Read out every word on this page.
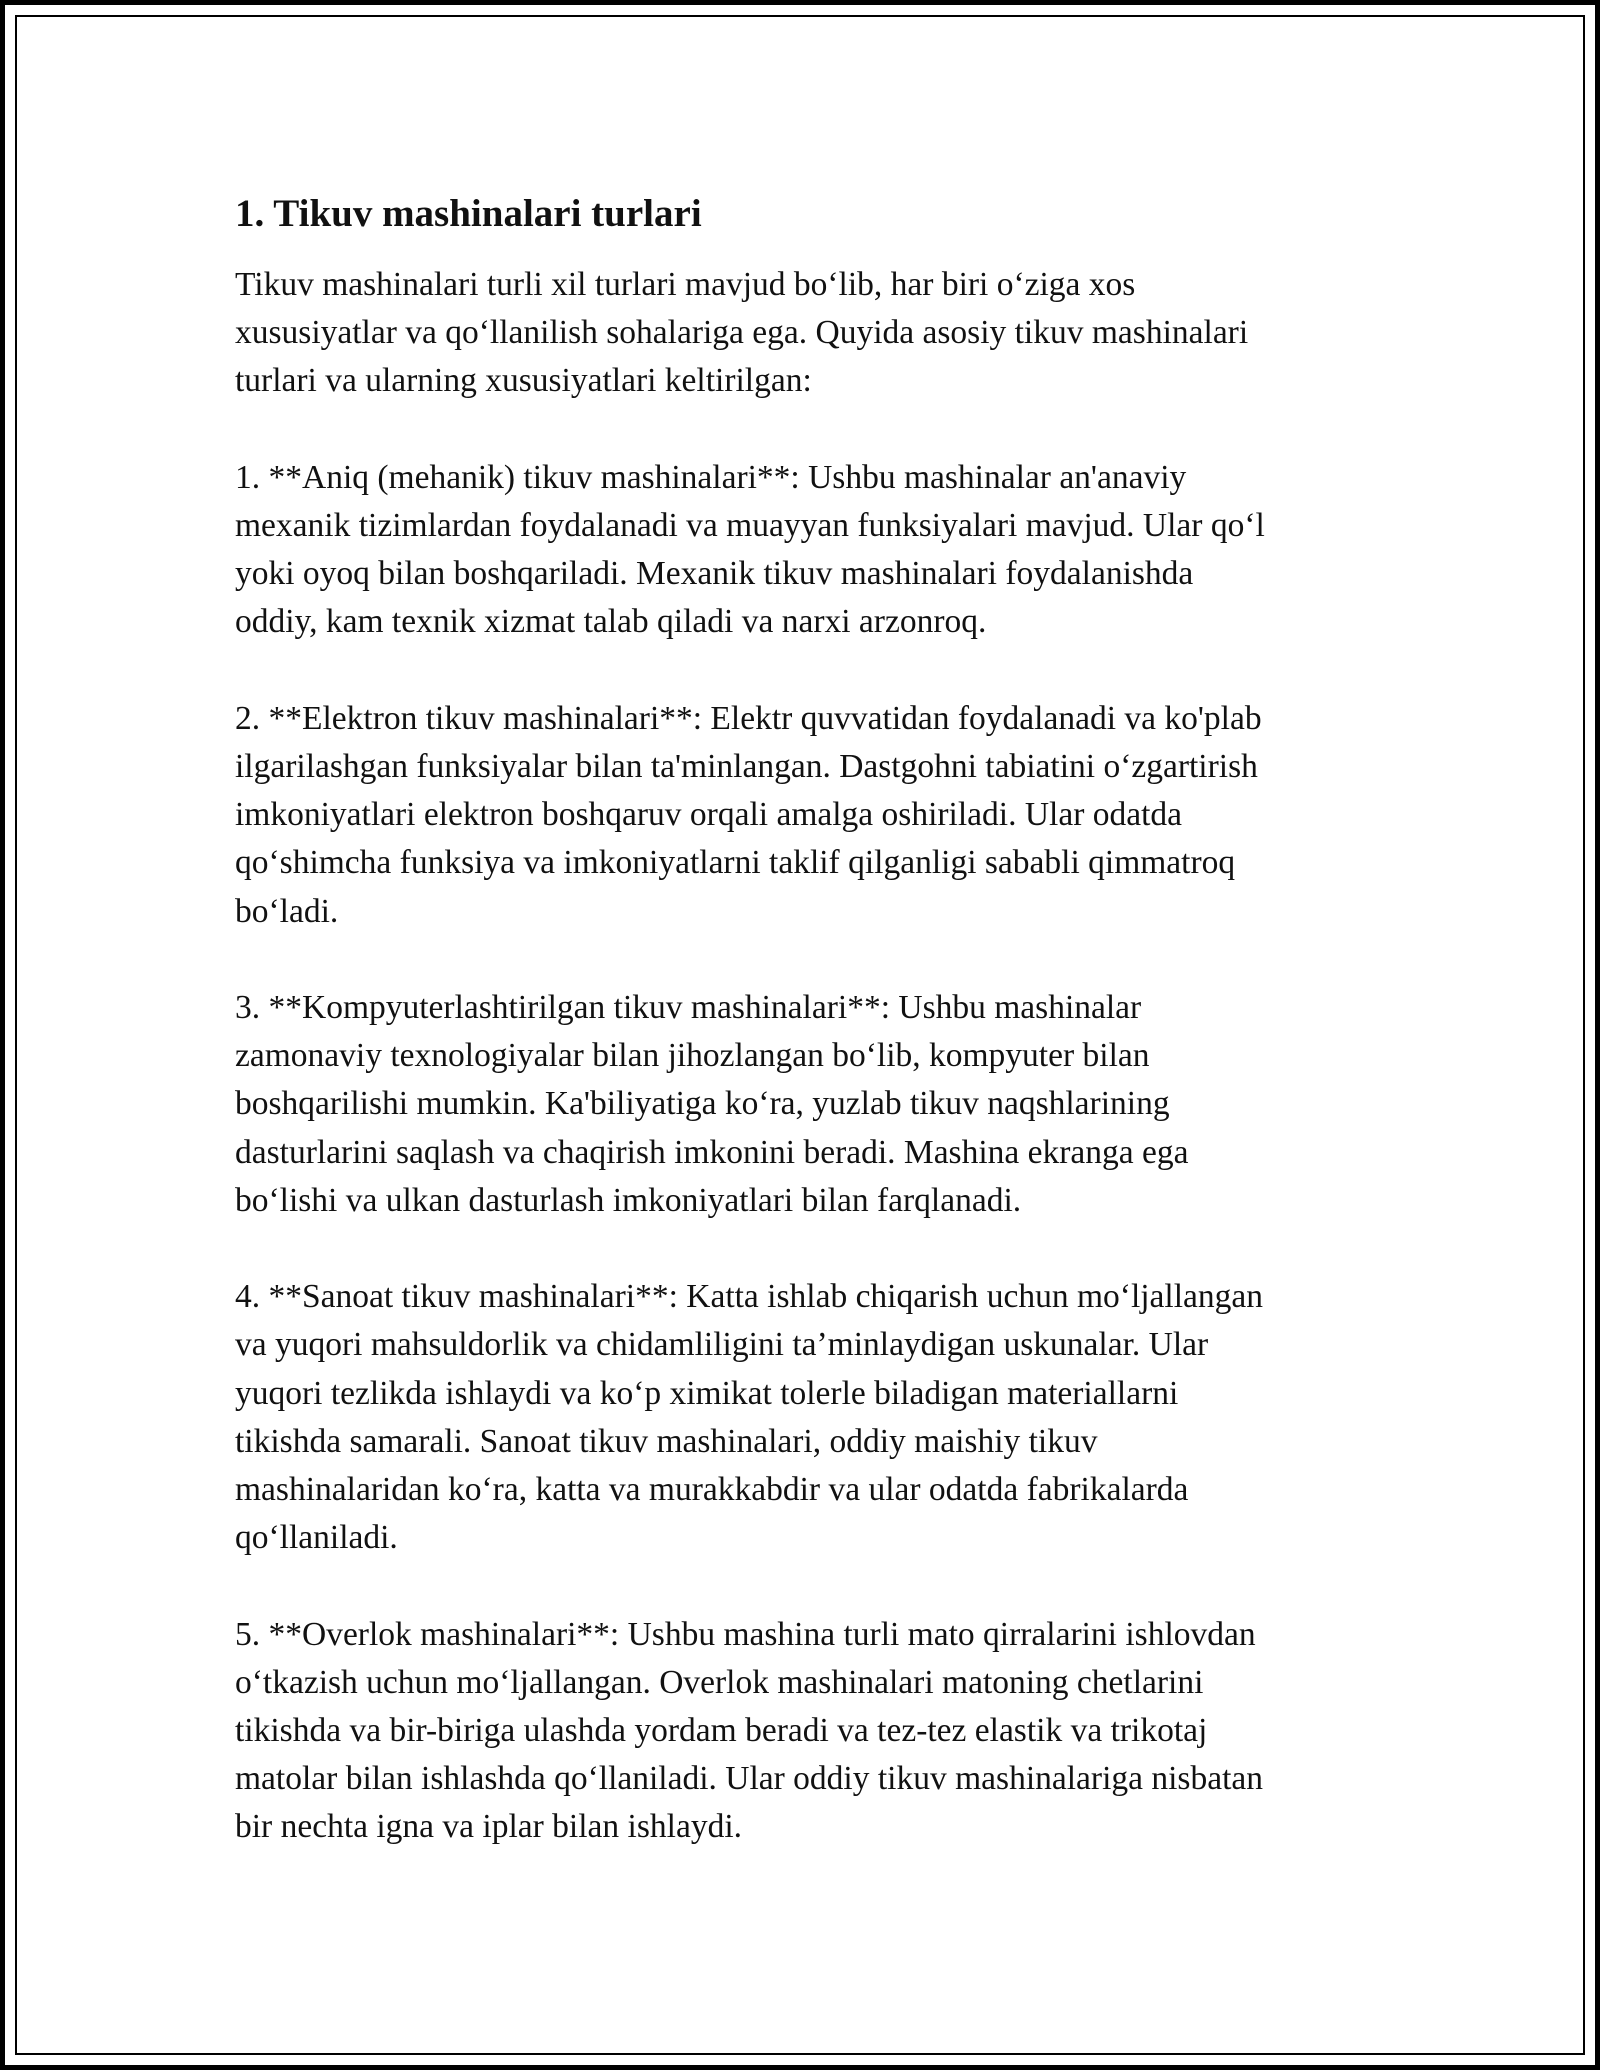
1. Tikuv mashinalari turlari

Tikuv mashinalari turli xil turlari mavjud bo‘lib, har biri o‘ziga xos
xususiyatlar va qo‘llanilish sohalariga ega. Quyida asosiy tikuv mashinalari
turlari va ularning xususiyatlari keltirilgan:

1. **Aniq (mehanik) tikuv mashinalari**: Ushbu mashinalar an'anaviy
mexanik tizimlardan foydalanadi va muayyan funksiyalari mavjud. Ular qo‘l
yoki oyoq bilan boshqariladi. Mexanik tikuv mashinalari foydalanishda
oddiy, kam texnik xizmat talab qiladi va narxi arzonroq.

2. **Elektron tikuv mashinalari**: Elektr quvvatidan foydalanadi va ko'plab
ilgarilashgan funksiyalar bilan ta'minlangan. Dastgohni tabiatini o‘zgartirish
imkoniyatlari elektron boshqaruv orqali amalga oshiriladi. Ular odatda
qo‘shimcha funksiya va imkoniyatlarni taklif qilganligi sababli qimmatroq
bo‘ladi.

3. **Kompyuterlashtirilgan tikuv mashinalari**: Ushbu mashinalar
zamonaviy texnologiyalar bilan jihozlangan bo‘lib, kompyuter bilan
boshqarilishi mumkin. Ka'biliyatiga ko‘ra, yuzlab tikuv naqshlarining
dasturlarini saqlash va chaqirish imkonini beradi. Mashina ekranga ega
bo‘lishi va ulkan dasturlash imkoniyatlari bilan farqlanadi.

4. **Sanoat tikuv mashinalari**: Katta ishlab chiqarish uchun mo‘ljallangan
va yuqori mahsuldorlik va chidamliligini ta’minlaydigan uskunalar. Ular
yuqori tezlikda ishlaydi va ko‘p ximikat tolerle biladigan materiallarni
tikishda samarali. Sanoat tikuv mashinalari, oddiy maishiy tikuv
mashinalaridan ko‘ra, katta va murakkabdir va ular odatda fabrikalarda
qo‘llaniladi.

5. **Overlok mashinalari**: Ushbu mashina turli mato qirralarini ishlovdan
o‘tkazish uchun mo‘ljallangan. Overlok mashinalari matoning chetlarini
tikishda va bir-biriga ulashda yordam beradi va tez-tez elastik va trikotaj
matolar bilan ishlashda qo‘llaniladi. Ular oddiy tikuv mashinalariga nisbatan
bir nechta igna va iplar bilan ishlaydi.
